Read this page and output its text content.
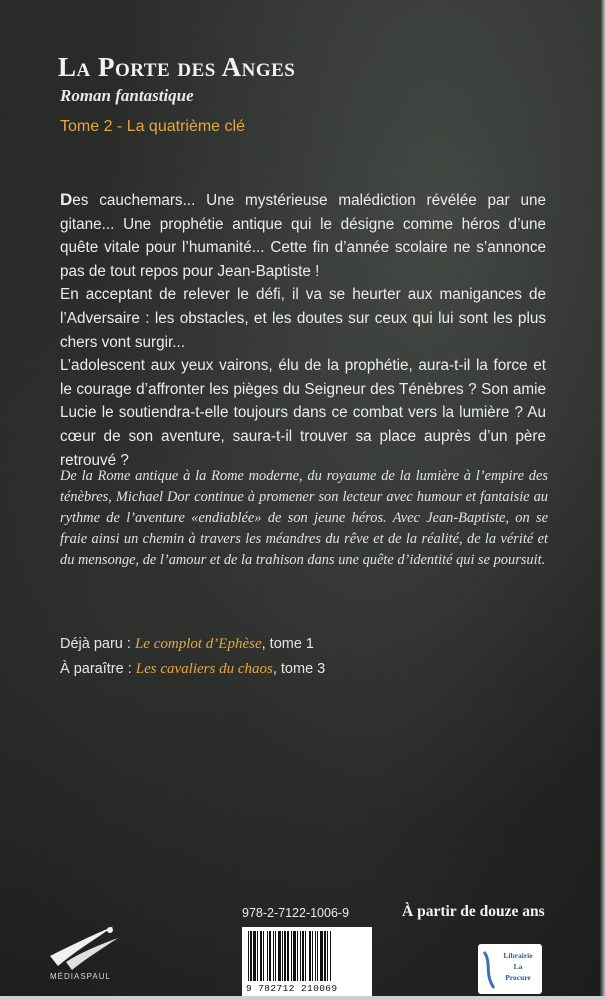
La Porte des Anges
Roman fantastique
Tome 2 - La quatrième clé

Des cauchemars... Une mystérieuse malédiction révélée par une gitane... Une prophétie antique qui le désigne comme héros d’une quête vitale pour l’humanité... Cette fin d’année scolaire ne s’annonce pas de tout repos pour Jean-Baptiste !

En acceptant de relever le défi, il va se heurter aux manigances de l’Adversaire : les obstacles, et les doutes sur ceux qui lui sont les plus chers vont surgir...

L’adolescent aux yeux vairons, élu de la prophétie, aura-t-il la force et le courage d’affronter les pièges du Seigneur des Ténèbres ? Son amie Lucie le soutiendra-t-elle toujours dans ce combat vers la lumière ? Au cœur de son aventure, saura-t-il trouver sa place auprès d’un père retrouvé ?

De la Rome antique à la Rome moderne, du royaume de la lumière à l’empire des ténèbres, Michael Dor continue à promener son lecteur avec humour et fantaisie au rythme de l’aventure «endiablée» de son jeune héros. Avec Jean-Baptiste, on se fraie ainsi un chemin à travers les méandres du rêve et de la réalité, de la vérité et du mensonge, de l’amour et de la trahison dans une quête d’identité qui se poursuit.

Déjà paru : Le complot d’Ephèse, tome 1
À paraître : Les cavaliers du chaos, tome 3
978-2-7122-1006-9	À partir de douze ans
MÉDIASPAUL
9 782712 210069
Librairie
La
Procure
